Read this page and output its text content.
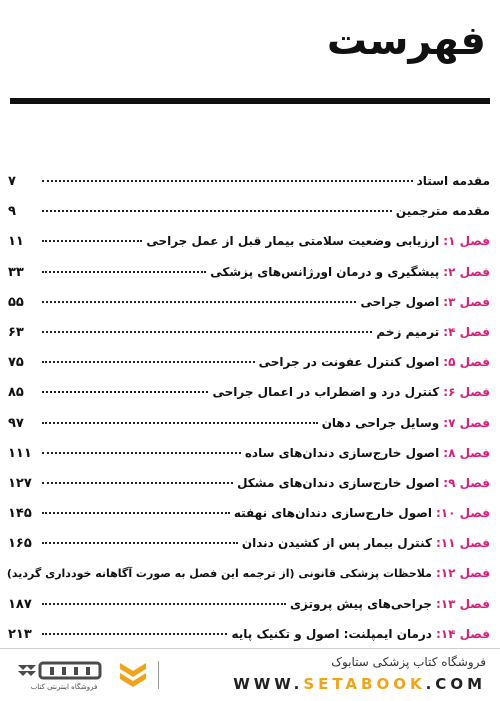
فهرست
مقدمه استاد
۷
مقدمه مترجمین
۹
فصل ۱:
ارزیابی وضعیت سلامتی بیمار قبل از عمل جراحی
۱۱
فصل ۲:
پیشگیری و درمان اورژانس‌های پزشکی
۳۳
فصل ۳:
اصول جراحی
۵۵
فصل ۴:
ترمیم زخم
۶۳
فصل ۵:
اصول کنترل عفونت در جراحی
۷۵
فصل ۶:
کنترل درد و اضطراب در اعمال جراحی
۸۵
فصل ۷:
وسایل جراحی دهان
۹۷
فصل ۸:
اصول خارج‌سازی دندان‌های ساده
۱۱۱
فصل ۹:
اصول خارج‌سازی دندان‌های مشکل
۱۲۷
فصل ۱۰:
اصول خارج‌سازی دندان‌های نهفته
۱۴۵
فصل ۱۱:
کنترل بیمار پس از کشیدن دندان
۱۶۵
فصل ۱۲:
ملاحظات پزشکی قانونی (از ترجمه این فصل به صورت آگاهانه خودداری گردید)
فصل ۱۳:
جراحی‌های پیش پروتزی
۱۸۷
فصل ۱۴:
درمان ایمپلنت: اصول و تکنیک پایه
۲۱۳
فروشگاه اینترنتی کتاب
فروشگاه کتاب پزشکی ستابوک
WWW.SETABOOK.COM
